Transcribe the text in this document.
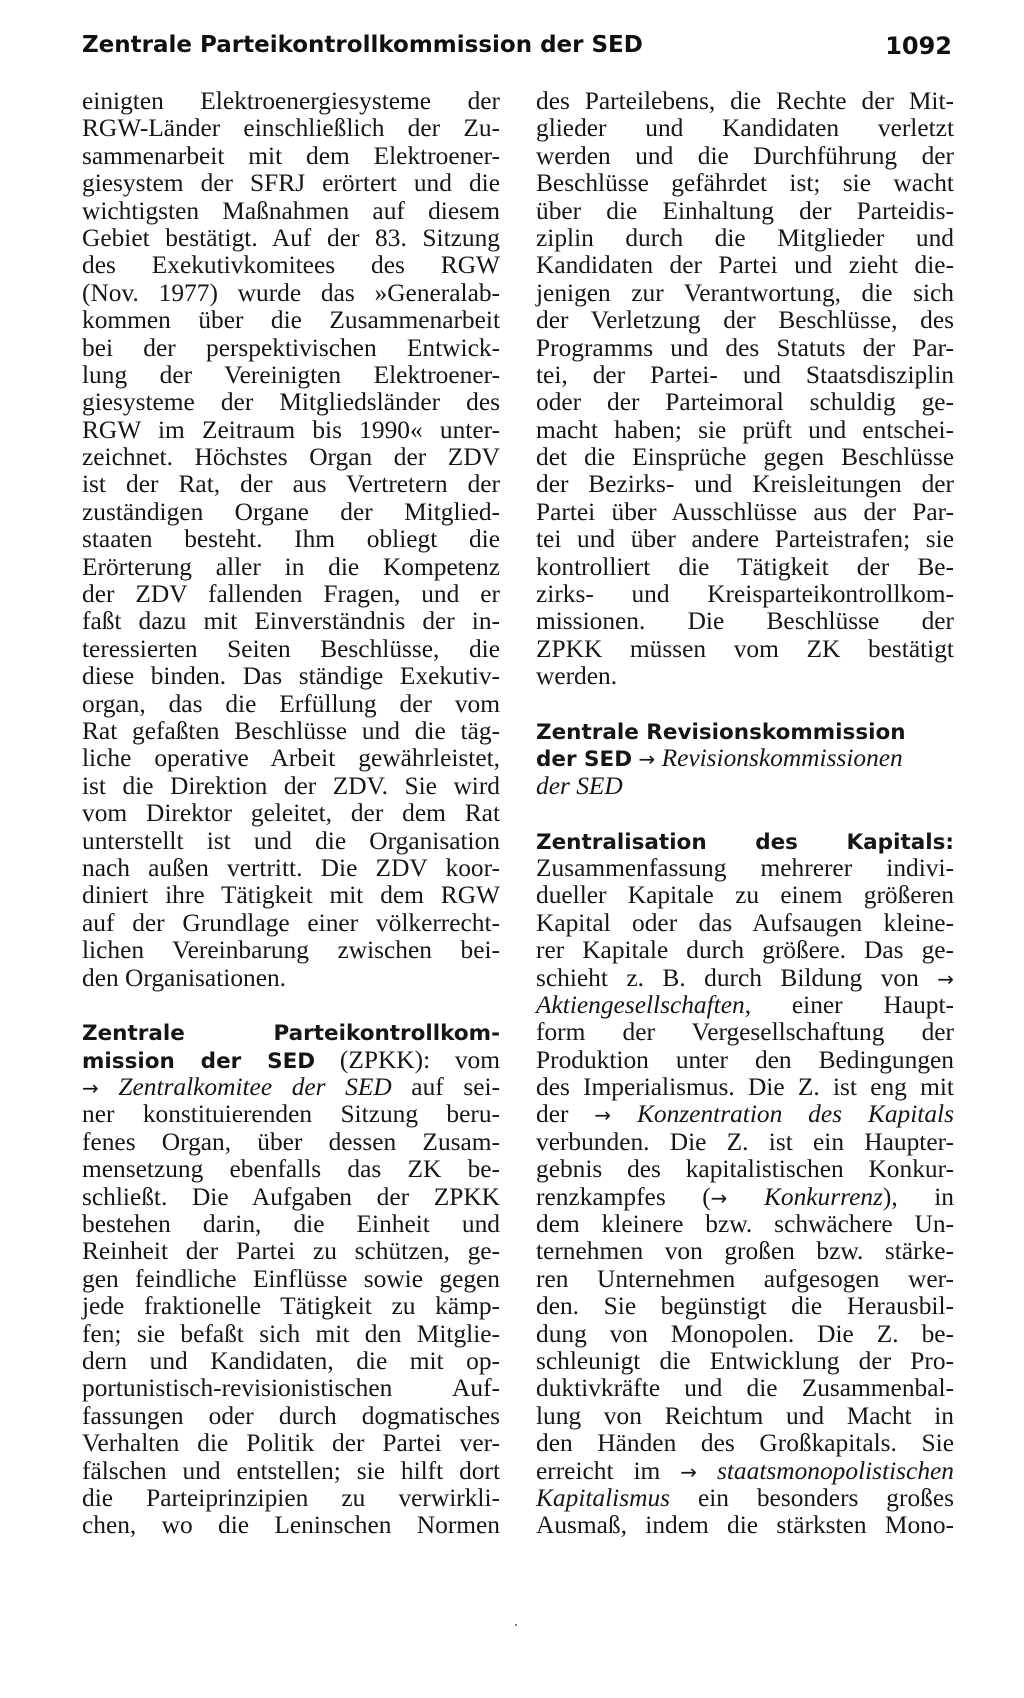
Zentrale Parteikontrollkommission der SED	1092
einigten Elektroenergiesysteme der
RGW-Länder einschließlich der Zu-
sammenarbeit mit dem Elektroener-
giesystem der SFRJ erörtert und die
wichtigsten Maßnahmen auf diesem
Gebiet bestätigt. Auf der 83. Sitzung
des Exekutivkomitees des RGW
(Nov. 1977) wurde das »Generalab-
kommen über die Zusammenarbeit
bei der perspektivischen Entwick-
lung der Vereinigten Elektroener-
giesysteme der Mitgliedsländer des
RGW im Zeitraum bis 1990« unter-
zeichnet. Höchstes Organ der ZDV
ist der Rat, der aus Vertretern der
zuständigen Organe der Mitglied-
staaten besteht. Ihm obliegt die
Erörterung aller in die Kompetenz
der ZDV fallenden Fragen, und er
faßt dazu mit Einverständnis der in-
teressierten Seiten Beschlüsse, die
diese binden. Das ständige Exekutiv-
organ, das die Erfüllung der vom
Rat gefaßten Beschlüsse und die täg-
liche operative Arbeit gewährleistet,
ist die Direktion der ZDV. Sie wird
vom Direktor geleitet, der dem Rat
unterstellt ist und die Organisation
nach außen vertritt. Die ZDV koor-
diniert ihre Tätigkeit mit dem RGW
auf der Grundlage einer völkerrecht-
lichen Vereinbarung zwischen bei-
den Organisationen.
Zentrale Parteikontrollkom-
mission der SED (ZPKK): vom
→ Zentralkomitee der SED auf sei-
ner konstituierenden Sitzung beru-
fenes Organ, über dessen Zusam-
mensetzung ebenfalls das ZK be-
schließt. Die Aufgaben der ZPKK
bestehen darin, die Einheit und
Reinheit der Partei zu schützen, ge-
gen feindliche Einflüsse sowie gegen
jede fraktionelle Tätigkeit zu kämp-
fen; sie befaßt sich mit den Mitglie-
dern und Kandidaten, die mit op-
portunistisch-revisionistischen Auf-
fassungen oder durch dogmatisches
Verhalten die Politik der Partei ver-
fälschen und entstellen; sie hilft dort
die Parteiprinzipien zu verwirkli-
chen, wo die Leninschen Normen
des Parteilebens, die Rechte der Mit-
glieder und Kandidaten verletzt
werden und die Durchführung der
Beschlüsse gefährdet ist; sie wacht
über die Einhaltung der Parteidis-
ziplin durch die Mitglieder und
Kandidaten der Partei und zieht die-
jenigen zur Verantwortung, die sich
der Verletzung der Beschlüsse, des
Programms und des Statuts der Par-
tei, der Partei- und Staatsdisziplin
oder der Parteimoral schuldig ge-
macht haben; sie prüft und entschei-
det die Einsprüche gegen Beschlüsse
der Bezirks- und Kreisleitungen der
Partei über Ausschlüsse aus der Par-
tei und über andere Parteistrafen; sie
kontrolliert die Tätigkeit der Be-
zirks- und Kreisparteikontrollkom-
missionen. Die Beschlüsse der
ZPKK müssen vom ZK bestätigt
werden.
Zentrale Revisionskommission
der SED → Revisionskommissionen
der SED
Zentralisation des Kapitals:
Zusammenfassung mehrerer indivi-
dueller Kapitale zu einem größeren
Kapital oder das Aufsaugen kleine-
rer Kapitale durch größere. Das ge-
schieht z. B. durch Bildung von →
Aktiengesellschaften, einer Haupt-
form der Vergesellschaftung der
Produktion unter den Bedingungen
des Imperialismus. Die Z. ist eng mit
der → Konzentration des Kapitals
verbunden. Die Z. ist ein Haupter-
gebnis des kapitalistischen Konkur-
renzkampfes (→ Konkurrenz), in
dem kleinere bzw. schwächere Un-
ternehmen von großen bzw. stärke-
ren Unternehmen aufgesogen wer-
den. Sie begünstigt die Herausbil-
dung von Monopolen. Die Z. be-
schleunigt die Entwicklung der Pro-
duktivkräfte und die Zusammenbal-
lung von Reichtum und Macht in
den Händen des Großkapitals. Sie
erreicht im → staatsmonopolistischen
Kapitalismus ein besonders großes
Ausmaß, indem die stärksten Mono-
